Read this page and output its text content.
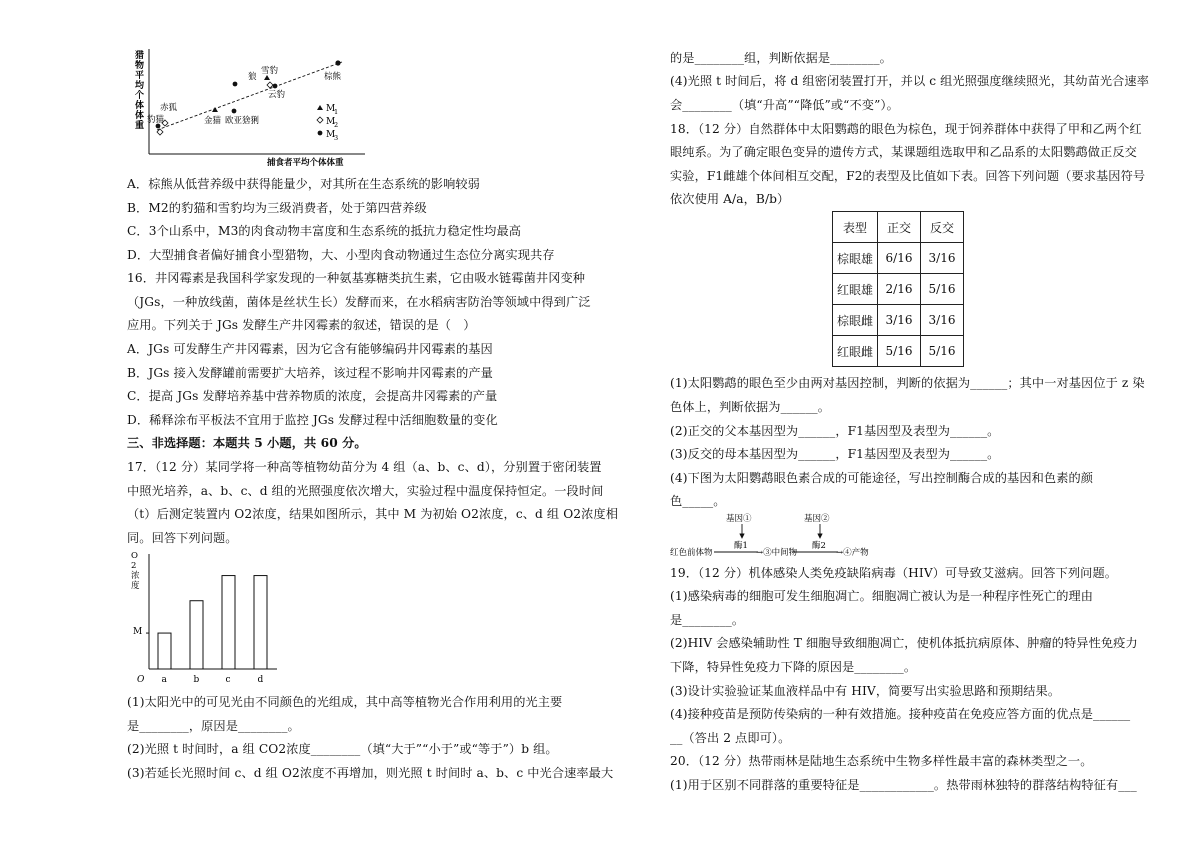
猎物平均个体体重
捕食者平均个体体重
棕熊
狼
雪豹
云豹
金猫 欧亚猞猁
赤狐
豹猫
M
1
M
2
M
3
A．棕熊从低营养级中获得能量少，对其所在生态系统的影响较弱
B．M2的豹猫和雪豹均为三级消费者，处于第四营养级
C．3个山系中，M3的肉食动物丰富度和生态系统的抵抗力稳定性均最高
D．大型捕食者偏好捕食小型猎物，大、小型肉食动物通过生态位分离实现共存
16．井冈霉素是我国科学家发现的一种氨基寡糖类抗生素，它由吸水链霉菌井冈变种
（JGs，一种放线菌，菌体是丝状生长）发酵而来，在水稻病害防治等领域中得到广泛
应用。下列关于 JGs 发酵生产井冈霉素的叙述，错误的是（　）
A．JGs 可发酵生产井冈霉素，因为它含有能够编码井冈霉素的基因
B．JGs 接入发酵罐前需要扩大培养，该过程不影响井冈霉素的产量
C．提高 JGs 发酵培养基中营养物质的浓度，会提高井冈霉素的产量
D．稀释涂布平板法不宜用于监控 JGs 发酵过程中活细胞数量的变化
三、非选择题：本题共 5 小题，共 60 分。
17．（12 分）某同学将一种高等植物幼苗分为 4 组（a、b、c、d），分别置于密闭装置
中照光培养，a、b、c、d 组的光照强度依次增大，实验过程中温度保持恒定。一段时间
（t）后测定装置内 O2浓度，结果如图所示，其中 M 为初始 O2浓度，c、d 组 O2浓度相
同。回答下列问题。
O 2 浓度
O
M
a	b	c	d
(1)太阳光中的可见光由不同颜色的光组成，其中高等植物光合作用利用的光主要
是________，原因是________。
(2)光照 t 时间时，a 组 CO2浓度________（填“大于”“小于”或“等于”）b 组。
(3)若延长光照时间 c、d 组 O2浓度不再增加，则光照 t 时间时 a、b、c 中光合速率最大
的是________组，判断依据是________。
(4)光照 t 时间后，将 d 组密闭装置打开，并以 c 组光照强度继续照光，其幼苗光合速率
会________（填“升高”“降低”或“不变”）。
18．（12 分）自然群体中太阳鹦鹉的眼色为棕色，现于饲养群体中获得了甲和乙两个红
眼纯系。为了确定眼色变异的遗传方式，某课题组选取甲和乙品系的太阳鹦鹉做正反交
实验，F1雌雄个体间相互交配，F2的表型及比值如下表。回答下列问题（要求基因符号
依次使用 A/a，B/b）
表型	正交	反交
棕眼雄	6/16	3/16
红眼雄	2/16	5/16
棕眼雌	3/16	3/16
红眼雌	5/16	5/16
(1)太阳鹦鹉的眼色至少由两对基因控制，判断的依据为______；其中一对基因位于 z 染
色体上，判断依据为______。
(2)正交的父本基因型为______，F1基因型及表型为______。
(3)反交的母本基因型为______，F1基因型及表型为______。
(4)下图为太阳鹦鹉眼色素合成的可能途径，写出控制酶合成的基因和色素的颜
色_____。
基因①	基因②
酶1	酶2
红色前体物	→③中间物	→④产物
19．（12 分）机体感染人类免疫缺陷病毒（HIV）可导致艾滋病。回答下列问题。
(1)感染病毒的细胞可发生细胞凋亡。细胞凋亡被认为是一种程序性死亡的理由
是________。
(2)HIV 会感染辅助性 T 细胞导致细胞凋亡，使机体抵抗病原体、肿瘤的特异性免疫力
下降，特异性免疫力下降的原因是________。
(3)设计实验验证某血液样品中有 HIV，简要写出实验思路和预期结果。
(4)接种疫苗是预防传染病的一种有效措施。接种疫苗在免疫应答方面的优点是______
__（答出 2 点即可）。
20．（12 分）热带雨林是陆地生态系统中生物多样性最丰富的森林类型之一。
(1)用于区别不同群落的重要特征是____________。热带雨林独特的群落结构特征有___
